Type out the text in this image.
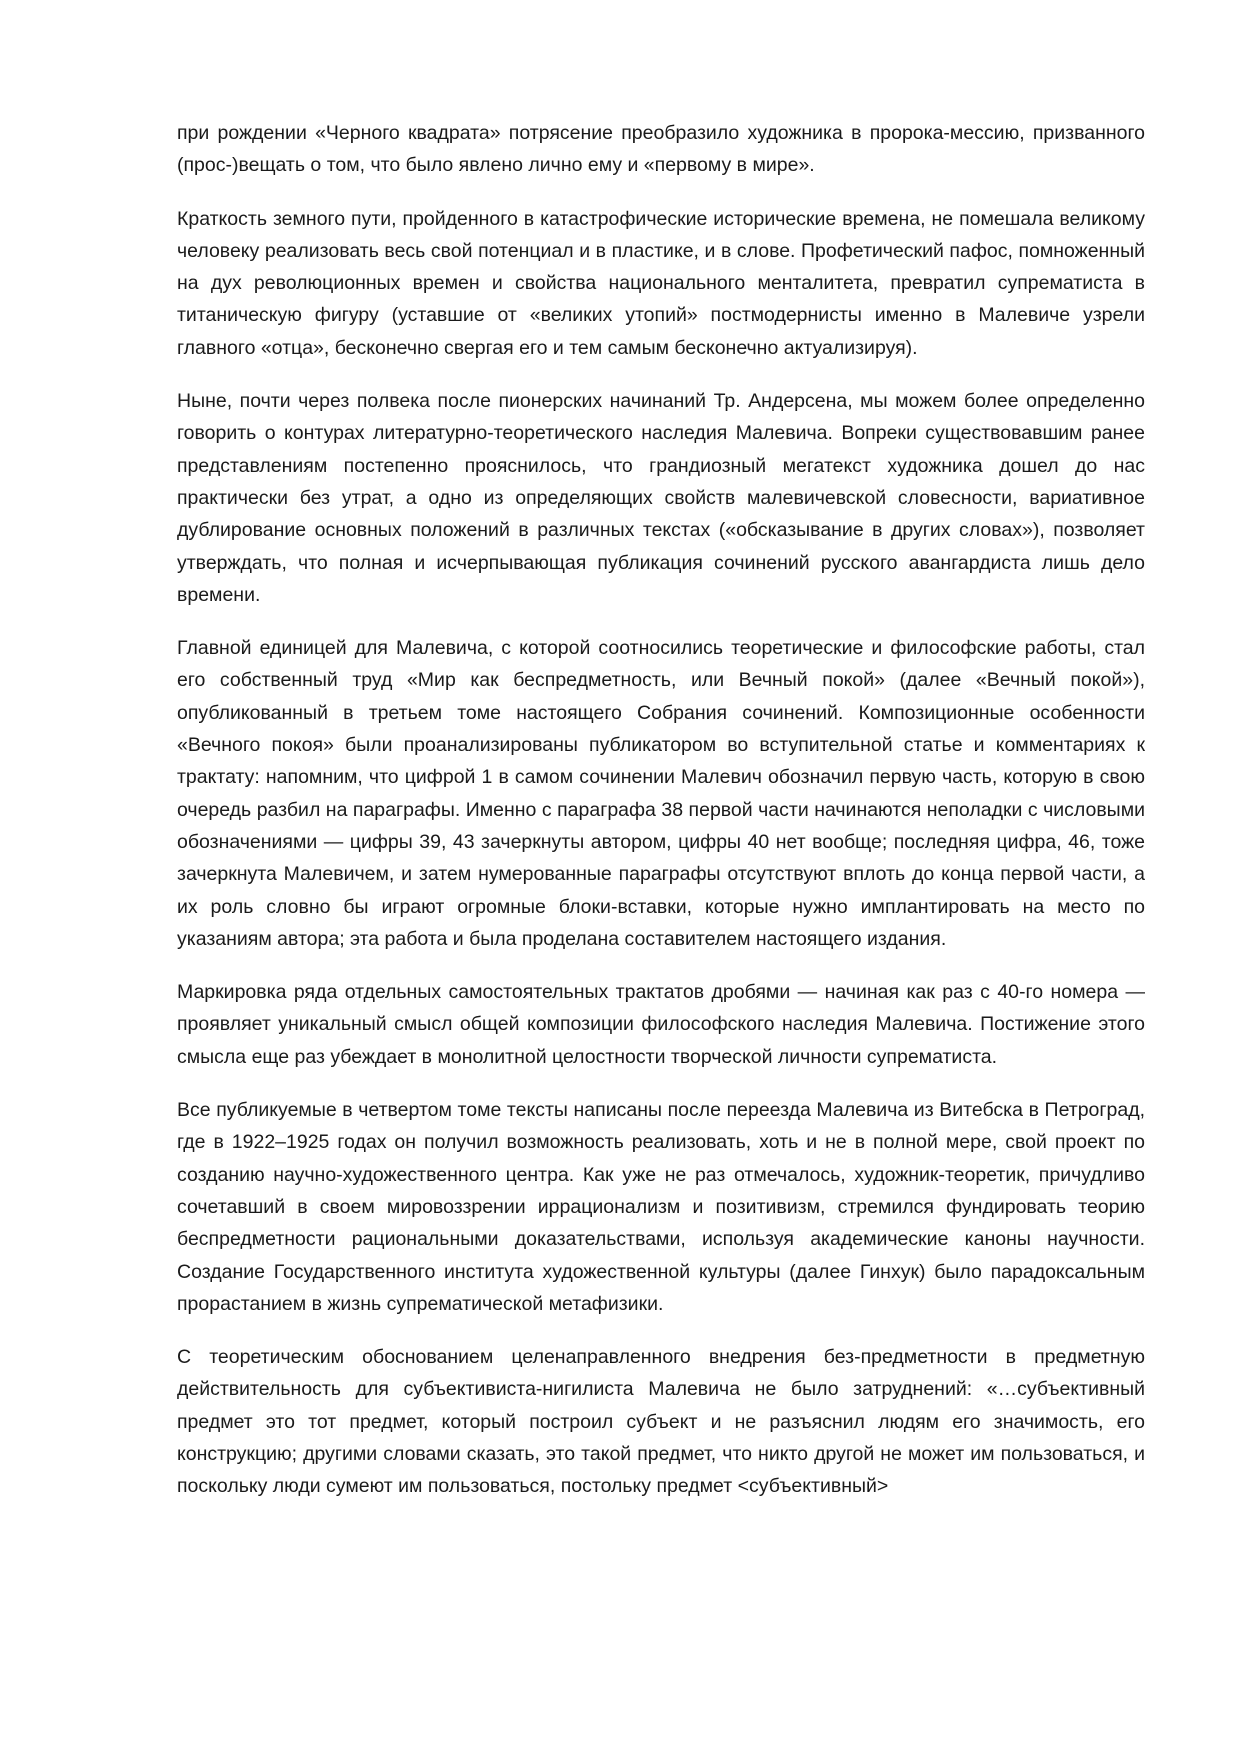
при рождении «Черного квадрата» потрясение преобразило художника в пророка-мессию, призванного (прос-)вещать о том, что было явлено лично ему и «первому в мире».

Краткость земного пути, пройденного в катастрофические исторические времена, не помешала великому человеку реализовать весь свой потенциал и в пластике, и в слове. Профетический пафос, помноженный на дух революционных времен и свойства национального менталитета, превратил супрематиста в титаническую фигуру (уставшие от «великих утопий» постмодернисты именно в Малевиче узрели главного «отца», бесконечно свергая его и тем самым бесконечно актуализируя).

Ныне, почти через полвека после пионерских начинаний Тр. Андерсена, мы можем более определенно говорить о контурах литературно-теоретического наследия Малевича. Вопреки существовавшим ранее представлениям постепенно прояснилось, что грандиозный мегатекст художника дошел до нас практически без утрат, а одно из определяющих свойств малевичевской словесности, вариативное дублирование основных положений в различных текстах («обсказывание в других словах»), позволяет утверждать, что полная и исчерпывающая публикация сочинений русского авангардиста лишь дело времени.

Главной единицей для Малевича, с которой соотносились теоретические и философские работы, стал его собственный труд «Мир как беспредметность, или Вечный покой» (далее «Вечный покой»), опубликованный в третьем томе настоящего Собрания сочинений. Композиционные особенности «Вечного покоя» были проанализированы публикатором во вступительной статье и комментариях к трактату: напомним, что цифрой 1 в самом сочинении Малевич обозначил первую часть, которую в свою очередь разбил на параграфы. Именно с параграфа 38 первой части начинаются неполадки с числовыми обозначениями — цифры 39, 43 зачеркнуты автором, цифры 40 нет вообще; последняя цифра, 46, тоже зачеркнута Малевичем, и затем нумерованные параграфы отсутствуют вплоть до конца первой части, а их роль словно бы играют огромные блоки-вставки, которые нужно имплантировать на место по указаниям автора; эта работа и была проделана составителем настоящего издания.

Маркировка ряда отдельных самостоятельных трактатов дробями — начиная как раз с 40-го номера — проявляет уникальный смысл общей композиции философского наследия Малевича. Постижение этого смысла еще раз убеждает в монолитной целостности творческой личности супрематиста.

Все публикуемые в четвертом томе тексты написаны после переезда Малевича из Витебска в Петроград, где в 1922–1925 годах он получил возможность реализовать, хоть и не в полной мере, свой проект по созданию научно-художественного центра. Как уже не раз отмечалось, художник-теоретик, причудливо сочетавший в своем мировоззрении иррационализм и позитивизм, стремился фундировать теорию беспредметности рациональными доказательствами, используя академические каноны научности. Создание Государственного института художественной культуры (далее Гинхук) было парадоксальным прорастанием в жизнь супрематической метафизики.

С теоретическим обоснованием целенаправленного внедрения без-предметности в предметную действительность для субъективиста-нигилиста Малевича не было затруднений: «…субъективный предмет это тот предмет, который построил субъект и не разъяснил людям его значимость, его конструкцию; другими словами сказать, это такой предмет, что никто другой не может им пользоваться, и поскольку люди сумеют им пользоваться, постольку предмет <субъективный>
